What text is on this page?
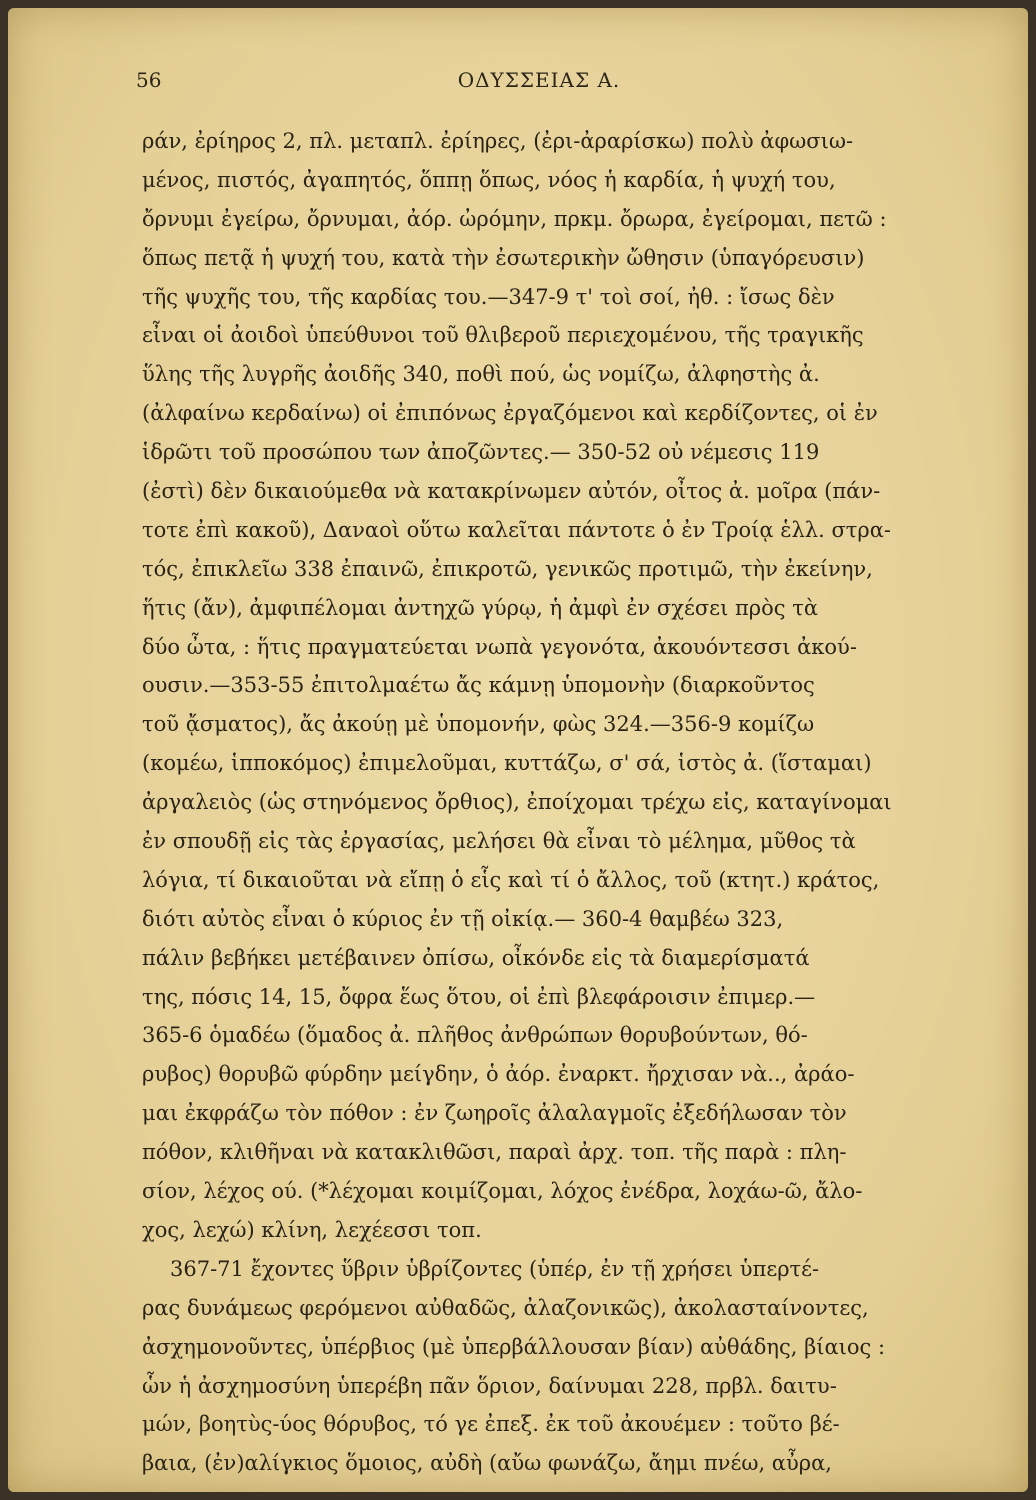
56	ΟΔΥΣΣΕΙΑΣ Α.
ράν, ἐρίηρος 2, πλ. μεταπλ. ἐρίηρες, (ἐρι-ἀραρίσκω) πολὺ ἀφωσιω-
μένος, πιστός, ἀγαπητός, ὅππῃ ὅπως, νόος ἡ καρδία, ἡ ψυχή του,
ὄρνυμι ἐγείρω, ὄρνυμαι, ἀόρ. ὠρόμην, πρκμ. ὄρωρα, ἐγείρομαι, πετῶ :
ὅπως πετᾷ ἡ ψυχή του, κατὰ τὴν ἐσωτερικὴν ὤθησιν (ὑπαγόρευσιν)
τῆς ψυχῆς του, τῆς καρδίας του.—347-9 τ' τοὶ σοί, ἠθ. : ἴσως δὲν
εἶναι οἱ ἀοιδοὶ ὑπεύθυνοι τοῦ θλιβεροῦ περιεχομένου, τῆς τραγικῆς
ὕλης τῆς λυγρῆς ἀοιδῆς 340, ποθὶ πού, ὡς νομίζω, ἀλφηστὴς ἀ.
(ἀλφαίνω κερδαίνω) οἱ ἐπιπόνως ἐργαζόμενοι καὶ κερδίζοντες, οἱ ἐν
ἱδρῶτι τοῦ προσώπου των ἀποζῶντες.— 350-52 οὐ νέμεσις 119
(ἐστὶ) δὲν δικαιούμεθα νὰ κατακρίνωμεν αὐτόν, οἶτος ἀ. μοῖρα (πάν-
τοτε ἐπὶ κακοῦ), Δαναοὶ οὕτω καλεῖται πάντοτε ὁ ἐν Τροίᾳ ἑλλ. στρα-
τός, ἐπικλεῖω 338 ἐπαινῶ, ἐπικροτῶ, γενικῶς προτιμῶ, τὴν ἐκείνην,
ἥτις (ἄν), ἀμφιπέλομαι ἀντηχῶ γύρῳ, ἡ ἀμφὶ ἐν σχέσει πρὸς τὰ
δύο ὦτα, : ἥτις πραγματεύεται νωπὰ γεγονότα, ἀκουόντεσσι ἀκού-
ουσιν.—353-55 ἐπιτολμαέτω ἄς κάμνῃ ὑπομονὴν (διαρκοῦντος
τοῦ ᾄσματος), ἄς ἀκούῃ μὲ ὑπομονήν, φὼς 324.—356-9 κομίζω
(κομέω, ἱπποκόμος) ἐπιμελοῦμαι, κυττάζω, σ' σά, ἱστὸς ἀ. (ἵσταμαι)
ἀργαλειὸς (ὡς στηνόμενος ὄρθιος), ἐποίχομαι τρέχω εἰς, καταγίνομαι
ἐν σπουδῇ εἰς τὰς ἐργασίας, μελήσει θὰ εἶναι τὸ μέλημα, μῦθος τὰ
λόγια, τί δικαιοῦται νὰ εἴπῃ ὁ εἷς καὶ τί ὁ ἄλλος, τοῦ (κτητ.) κράτος,
διότι αὐτὸς εἶναι ὁ κύριος ἐν τῇ οἰκίᾳ.— 360-4 θαμβέω 323,
πάλιν βεβήκει μετέβαινεν ὀπίσω, οἶκόνδε εἰς τὰ διαμερίσματά
της, πόσις 14, 15, ὄφρα ἕως ὅτου, οἱ ἐπὶ βλεφάροισιν ἐπιμερ.—
365-6 ὁμαδέω (ὅμαδος ἀ. πλῆθος ἀνθρώπων θορυβούντων, θό-
ρυβος) θορυβῶ φύρδην μείγδην, ὁ ἀόρ. ἐναρκτ. ἤρχισαν νὰ.., ἀράο-
μαι ἐκφράζω τὸν πόθον : ἐν ζωηροῖς ἀλαλαγμοῖς ἐξεδήλωσαν τὸν
πόθον, κλιθῆναι νὰ κατακλιθῶσι, παραὶ ἀρχ. τοπ. τῆς παρὰ : πλη-
σίον, λέχος ού. (*λέχομαι κοιμίζομαι, λόχος ἐνέδρα, λοχάω-ῶ, ἄλο-
χος, λεχώ) κλίνη, λεχέεσσι τοπ.
367-71 ἔχοντες ὕβριν ὑβρίζοντες (ὑπέρ, ἐν τῇ χρήσει ὑπερτέ-
ρας δυνάμεως φερόμενοι αὐθαδῶς, ἀλαζονικῶς), ἀκολασταίνοντες,
ἀσχημονοῦντες, ὑπέρβιος (μὲ ὑπερβάλλουσαν βίαν) αὐθάδης, βίαιος :
ὧν ἡ ἀσχημοσύνη ὑπερέβη πᾶν ὅριον, δαίνυμαι 228, πρβλ. δαιτυ-
μών, βοητὺς-ύος θόρυβος, τό γε ἐπεξ. ἐκ τοῦ ἀκουέμεν : τοῦτο βέ-
βαια, (ἐν)αλίγκιος ὅμοιος, αὐδὴ (αὔω φωνάζω, ἄημι πνέω, αὖρα,
